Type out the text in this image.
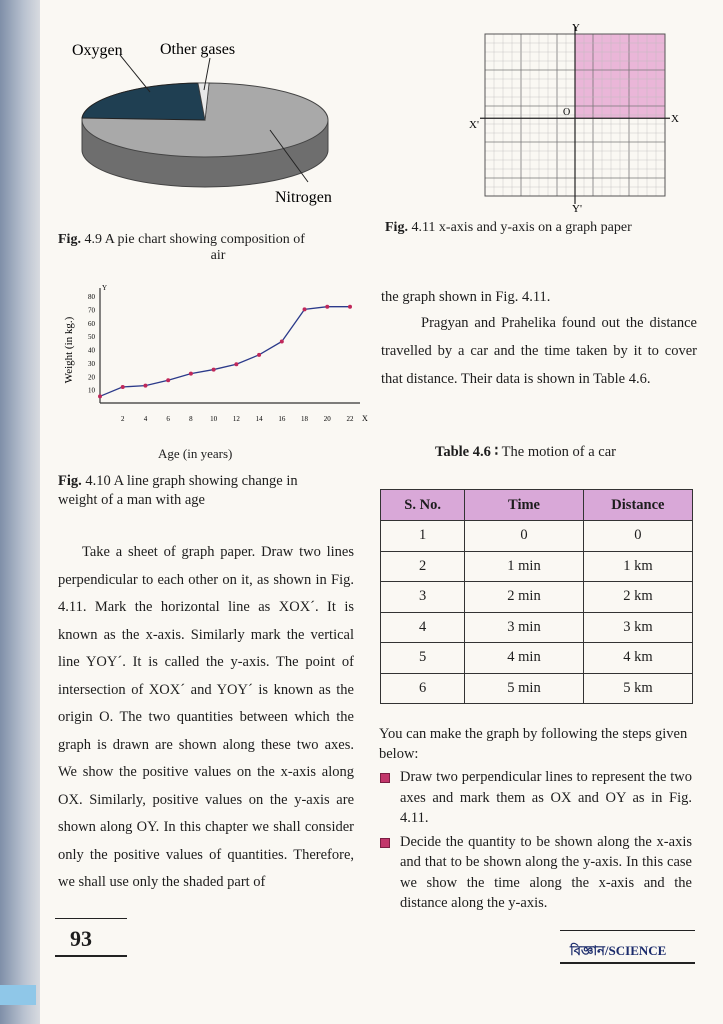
Oxygen Other gases
Nitrogen
Fig. 4.9 A pie chart showing composition of

air
10
20
30
40
50
60
70
80
Y
2	4	6	8 10 12 14 16 18 20 22 X
Weight (in kg.)
Age (in years)
Fig. 4.10 A line graph showing change in
weight of a man with age
Take a sheet of graph paper. Draw two lines perpendicular to each other on it, as shown in Fig. 4.11. Mark the horizontal line as XOX´. It is known as the x-axis. Similarly mark the vertical line YOY´. It is called the y-axis. The point of intersection of XOX´ and YOY´ is known as the origin O. The two quantities between which the graph is drawn are shown along these two axes. We show the positive values on the x-axis along OX. Similarly, positive values on the y-axis are shown along OY. In this chapter we shall consider only the positive values of quantities. Therefore, we shall use only the shaded part of
Y
Y'
X
X'
O
Fig. 4.11 x-axis and y-axis on a graph paper
the graph shown in Fig. 4.11.
Pragyan and Prahelika found out the distance travelled by a car and the time taken by it to cover that distance. Their data is shown in Table 4.6.
Table 4.6 ∶ The motion of a car
S. No.	Time	Distance
1	0	0
2	1 min	1 km
3	2 min	2 km
4	3 min	3 km
5	4 min	4 km
6	5 min	5 km
You can make the graph by following the steps given below:
Draw two perpendicular lines to represent the two axes and mark them as OX and OY as in Fig. 4.11.
Decide the quantity to be shown along the x-axis and that to be shown along the y-axis. In this case we show the time along the x-axis and the distance along the y-axis.
93	বিজ্ঞান/SCIENCE
